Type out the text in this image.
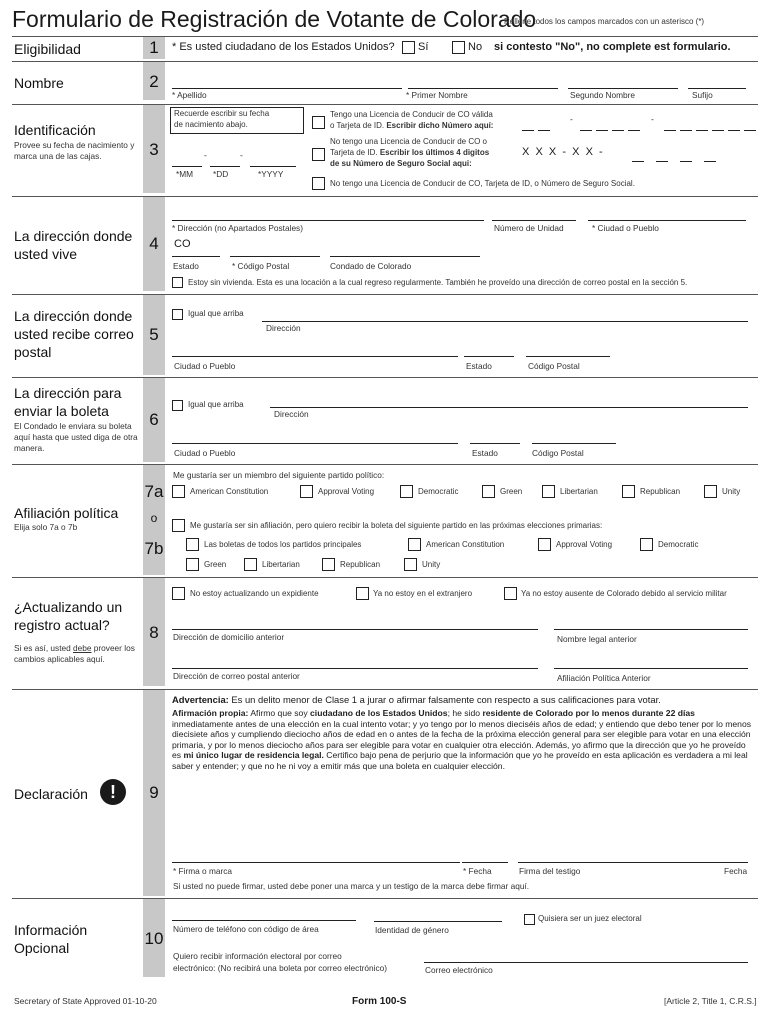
Formulario de Registración de Votante de Colorado
Rellene todos los campos marcados con un asterisco (*)
1
Eligibilidad	* Es usted ciudadano de los Estados Unidos? Sí	No si contesto "No", no complete est formulario.
2
Nombre
* Apellido	* Primer Nombre	Segundo Nombre	Sufijo
3
Identificación
Provee su fecha de nacimiento y marca una de las cajas.
Recuerde escribir su fecha
de nacimiento abajo.
-	-
*MM *DD	*YYYY
Tengo una Licencia de Conducir de CO válida
o Tarjeta de ID. Escribir dicho Número aquí:
-	-
No tengo una Licencia de Conducir de CO o
Tarjeta de ID. Escribir los últimos 4 digitos
de su Número de Seguro Social aqui:
X  X  X  -  X  X  -
No tengo una Licencia de Conducir de CO, Tarjeta de ID, o Número de Seguro Social.
4
La dirección donde usted vive
* Dirección (no Apartados Postales)	Número de Unidad	* Ciudad o Pueblo
CO
Estado	* Código Postal	Condado de Colorado
Estoy sin vivienda. Esta es una locación a la cual regreso regularmente. También he proveído una dirección de correo postal en la sección 5.
5
La dirección donde usted recibe correo postal
Igual que arriba
Dirección
Ciudad o Pueblo	Estado	Código Postal
6
La dirección para enviar la boleta
El Condado le enviara su boleta aquí hasta que usted diga de otra manera.
Igual que arriba
Dirección
Ciudad o Pueblo	Estado	Código Postal
7a
o
7b
Afiliación política
Elija solo 7a o 7b
Me gustaría ser un miembro del siguiente partido político:
American Constitution	Approval Voting	Democratic	Green	Libertarian	Republican	Unity
Me gustaría ser sin afiliación, pero quiero recibir la boleta del siguiente partido en las próximas elecciones primarias:
Las boletas de todos los partidos principales	American Constitution	Approval Voting	Democratic
Green	Libertarian	Republican	Unity
8
¿Actualizando un registro actual?
Si es así, usted debe proveer los cambios aplicables aquí.
No estoy actualizando un expidiente	Ya no estoy en el extranjero	Ya no estoy ausente de Colorado debido al servicio militar
Dirección de domicilio anterior	Nombre legal anterior
Dirección de correo postal anterior	Afiliación Política Anterior
9
Declaración	!
Advertencia: Es un delito menor de Clase 1 a jurar o afirmar falsamente con respecto a sus calificaciones para votar.
Afirmación propia: Afirmo que soy ciudadano de los Estados Unidos; he sido residente de Colorado por lo menos durante 22 días inmediatamente antes de una elección en la cual intento votar; y yo tengo por lo menos dieciséis años de edad; y entiendo que debo tener por lo menos diecisiete años y cumpliendo dieciocho años de edad en o antes de la fecha de la próxima elección general para ser elegible para votar en una elección primaria, y por lo menos dieciocho años para ser elegible para votar en cualquier otra elección. Además, yo afirmo que la dirección que yo he proveído es mi único lugar de residencia legal. Certifico bajo pena de perjurio que la información que yo he proveído en esta aplicación es verdadera a mi leal saber y entender; y que no he ni voy a emitir más que una boleta en cualquier elección.
* Firma o marca	* Fecha	Firma del testigo	Fecha
Si usted no puede firmar, usted debe poner una marca y un testigo de la marca debe firmar aquí.
10
Información Opcional
Número de teléfono con código de área	Identidad de género
Quisiera ser un juez electoral
Quiero recibir información electoral por correo
electrónico: (No recibirá una boleta por correo electrónico)	Correo electrónico
Secretary of State Approved 01-10-20	Form 100-S	[Article 2, Title 1, C.R.S.]
